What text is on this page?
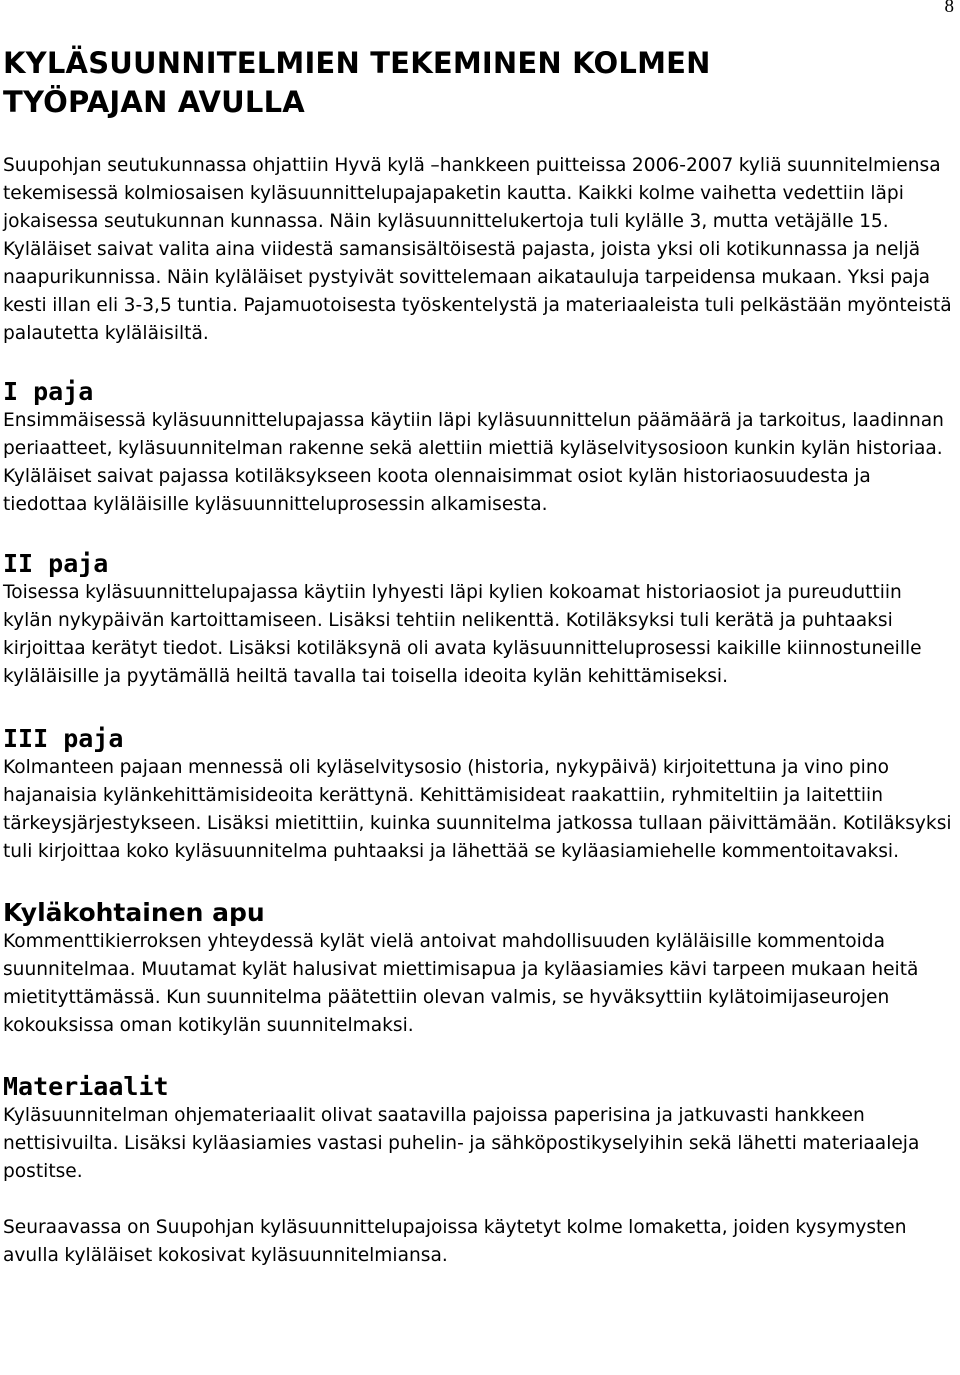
8
KYLÄSUUNNITELMIEN TEKEMINEN KOLMEN
TYÖPAJAN AVULLA

Suupohjan seutukunnassa ohjattiin Hyvä kylä –hankkeen puitteissa 2006-2007 kyliä suunnitelmiensa tekemisessä kolmiosaisen kyläsuunnittelupajapaketin kautta. Kaikki kolme vaihetta vedettiin läpi jokaisessa seutukunnan kunnassa. Näin kyläsuunnittelukertoja tuli kylälle 3, mutta vetäjälle 15. Kyläläiset saivat valita aina viidestä samansisältöisestä pajasta, joista yksi oli kotikunnassa ja neljä naapurikunnissa. Näin kyläläiset pystyivät sovittelemaan aikatauluja tarpeidensa mukaan. Yksi paja kesti illan eli 3-3,5 tuntia. Pajamuotoisesta työskentelystä ja materiaaleista tuli pelkästään myönteistä palautetta kyläläisiltä.

I paja

Ensimmäisessä kyläsuunnittelupajassa käytiin läpi kyläsuunnittelun päämäärä ja tarkoitus, laadinnan periaatteet, kyläsuunnitelman rakenne sekä alettiin miettiä kyläselvitysosioon kunkin kylän historiaa. Kyläläiset saivat pajassa kotiläksykseen koota olennaisimmat osiot kylän historiaosuudesta ja tiedottaa kyläläisille kyläsuunnitteluprosessin alkamisesta.

II paja

Toisessa kyläsuunnittelupajassa käytiin lyhyesti läpi kylien kokoamat historiaosiot ja pureuduttiin kylän nykypäivän kartoittamiseen. Lisäksi tehtiin nelikenttä. Kotiläksyksi tuli kerätä ja puhtaaksi kirjoittaa kerätyt tiedot. Lisäksi kotiläksynä oli avata kyläsuunnitteluprosessi kaikille kiinnostuneille kyläläisille ja pyytämällä heiltä tavalla tai toisella ideoita kylän kehittämiseksi.

III paja

Kolmanteen pajaan mennessä oli kyläselvitysosio (historia, nykypäivä) kirjoitettuna ja vino pino hajanaisia kylänkehittämisideoita kerättynä. Kehittämisideat raakattiin, ryhmiteltiin ja laitettiin tärkeysjärjestykseen. Lisäksi mietittiin, kuinka suunnitelma jatkossa tullaan päivittämään. Kotiläksyksi tuli kirjoittaa koko kyläsuunnitelma puhtaaksi ja lähettää se kyläasiamiehelle kommentoitavaksi.

Kyläkohtainen apu

Kommenttikierroksen yhteydessä kylät vielä antoivat mahdollisuuden kyläläisille kommentoida suunnitelmaa. Muutamat kylät halusivat miettimisapua ja kyläasiamies kävi tarpeen mukaan heitä mietityttämässä. Kun suunnitelma päätettiin olevan valmis, se hyväksyttiin kylätoimijaseurojen kokouksissa oman kotikylän suunnitelmaksi.

Materiaalit

Kyläsuunnitelman ohjemateriaalit olivat saatavilla pajoissa paperisina ja jatkuvasti hankkeen nettisivuilta. Lisäksi kyläasiamies vastasi puhelin- ja sähköpostikyselyihin sekä lähetti materiaaleja postitse.

Seuraavassa on Suupohjan kyläsuunnittelupajoissa käytetyt kolme lomaketta, joiden kysymysten avulla kyläläiset kokosivat kyläsuunnitelmiansa.
